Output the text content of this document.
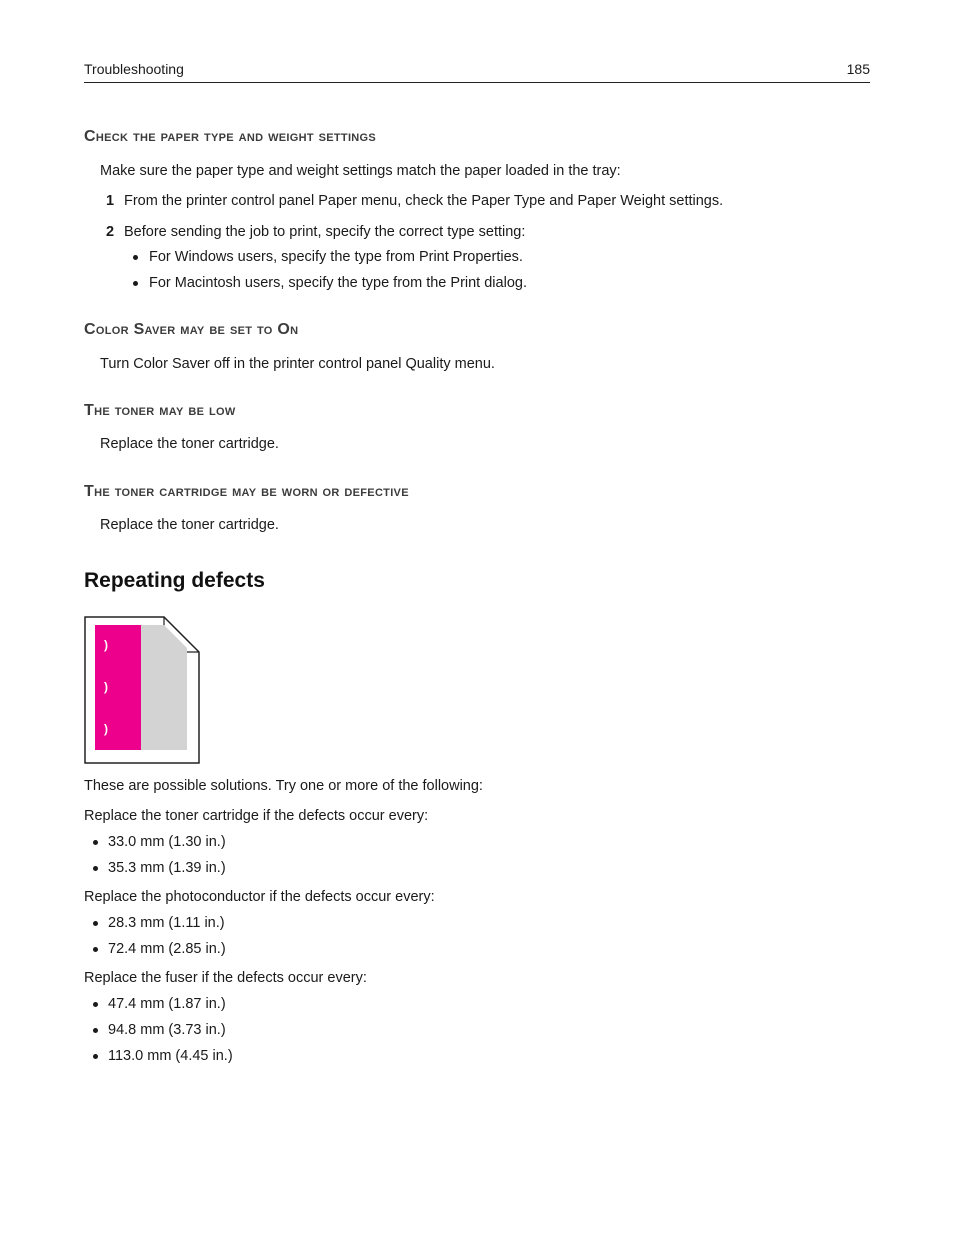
Troubleshooting	185
Check the paper type and weight settings
Make sure the paper type and weight settings match the paper loaded in the tray:
1 From the printer control panel Paper menu, check the Paper Type and Paper Weight settings.
2 Before sending the job to print, specify the correct type setting:
For Windows users, specify the type from Print Properties.
For Macintosh users, specify the type from the Print dialog.
Color Saver may be set to On
Turn Color Saver off in the printer control panel Quality menu.
The toner may be low
Replace the toner cartridge.
The toner cartridge may be worn or defective
Replace the toner cartridge.
Repeating defects
)
)
)
These are possible solutions. Try one or more of the following:
Replace the toner cartridge if the defects occur every:
33.0 mm (1.30 in.)
35.3 mm (1.39 in.)
Replace the photoconductor if the defects occur every:
28.3 mm (1.11 in.)
72.4 mm (2.85 in.)
Replace the fuser if the defects occur every:
47.4 mm (1.87 in.)
94.8 mm (3.73 in.)
113.0 mm (4.45 in.)
